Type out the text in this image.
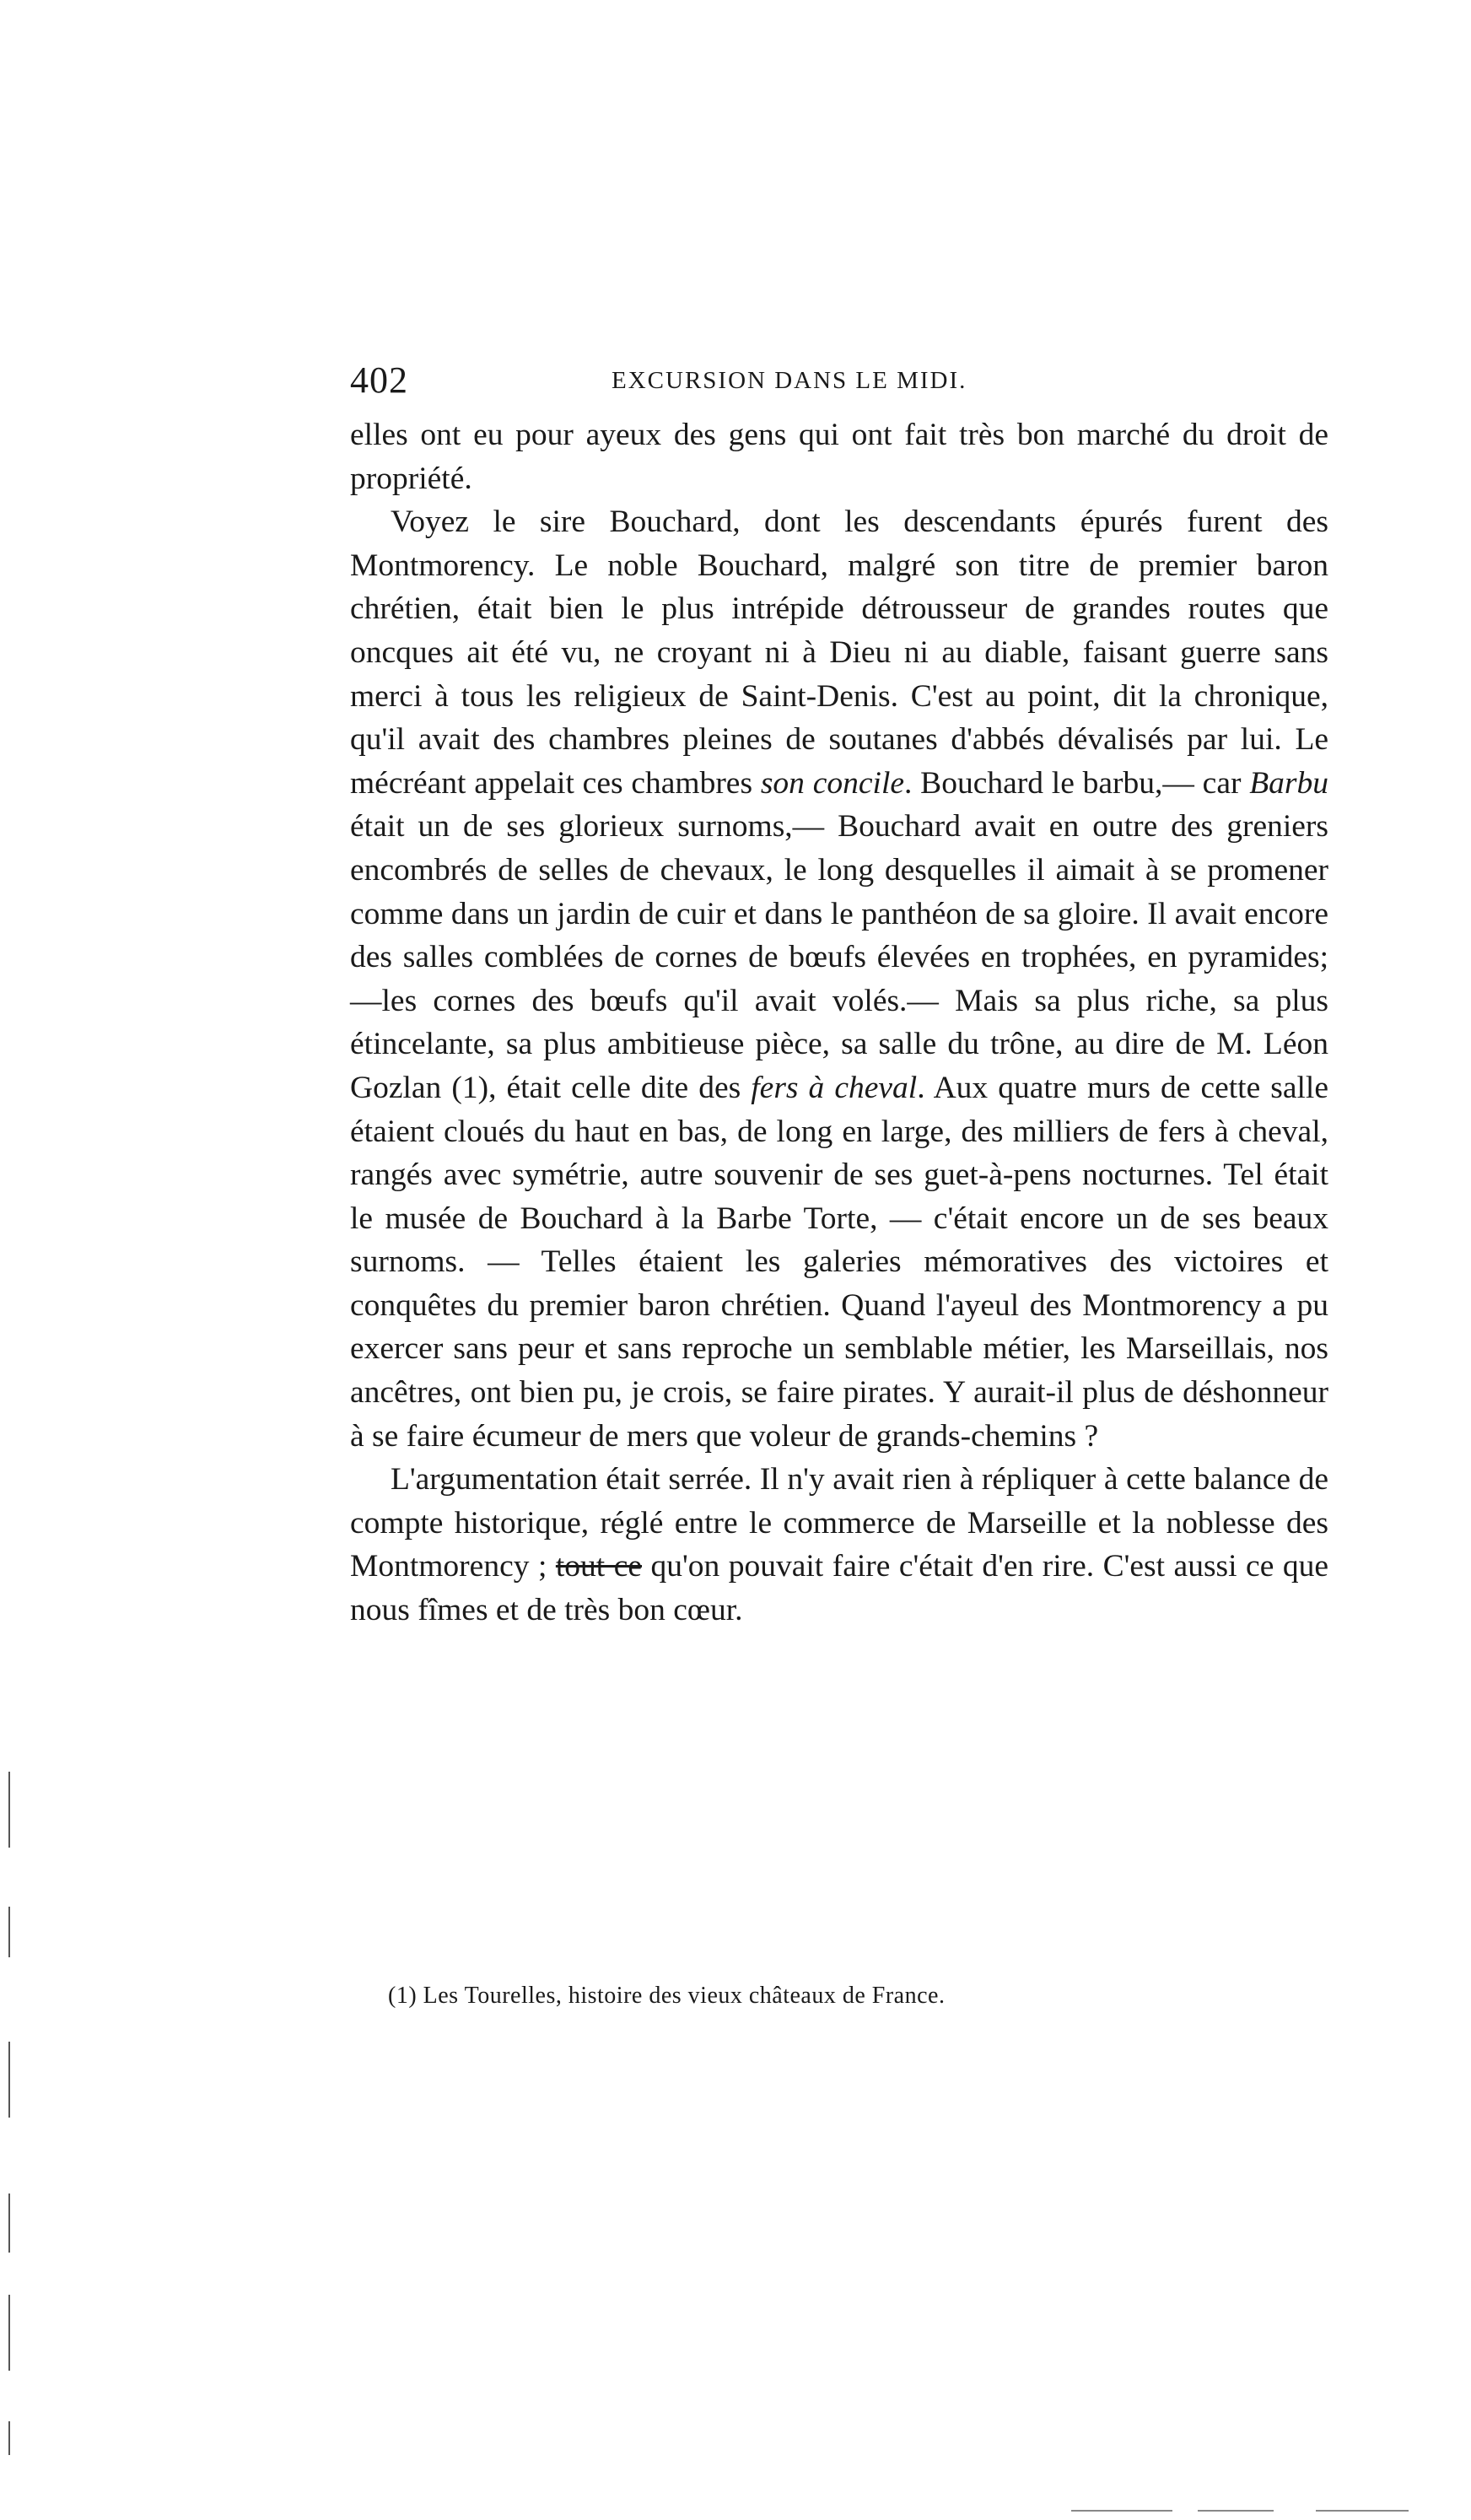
402	EXCURSION DANS LE MIDI.

elles ont eu pour ayeux des gens qui ont fait très bon marché du droit de propriété.

Voyez le sire Bouchard, dont les descendants épurés furent des Montmorency. Le noble Bouchard, malgré son titre de premier baron chrétien, était bien le plus intrépide détrousseur de grandes routes que oncques ait été vu, ne croyant ni à Dieu ni au diable, faisant guerre sans merci à tous les religieux de Saint-Denis. C'est au point, dit la chronique, qu'il avait des chambres pleines de soutanes d'abbés dévalisés par lui. Le mécréant appelait ces chambres son concile. Bouchard le barbu,— car Barbu était un de ses glorieux surnoms,— Bouchard avait en outre des greniers encombrés de selles de chevaux, le long desquelles il aimait à se promener comme dans un jardin de cuir et dans le panthéon de sa gloire. Il avait encore des salles comblées de cornes de bœufs élevées en trophées, en pyramides; —les cornes des bœufs qu'il avait volés.— Mais sa plus riche, sa plus étincelante, sa plus ambitieuse pièce, sa salle du trône, au dire de M. Léon Gozlan (1), était celle dite des fers à cheval. Aux quatre murs de cette salle étaient cloués du haut en bas, de long en large, des milliers de fers à cheval, rangés avec symétrie, autre souvenir de ses guet-à-pens nocturnes. Tel était le musée de Bouchard à la Barbe Torte, — c'était encore un de ses beaux surnoms. — Telles étaient les galeries mémoratives des victoires et conquêtes du premier baron chrétien. Quand l'ayeul des Montmorency a pu exercer sans peur et sans reproche un semblable métier, les Marseillais, nos ancêtres, ont bien pu, je crois, se faire pirates. Y aurait-il plus de déshonneur à se faire écumeur de mers que voleur de grands-chemins ?

L'argumentation était serrée. Il n'y avait rien à répliquer à cette balance de compte historique, réglé entre le commerce de Marseille et la noblesse des Montmorency ; tout ce qu'on pouvait faire c'était d'en rire. C'est aussi ce que nous fîmes et de très bon cœur.

(1) Les Tourelles, histoire des vieux châteaux de France.
